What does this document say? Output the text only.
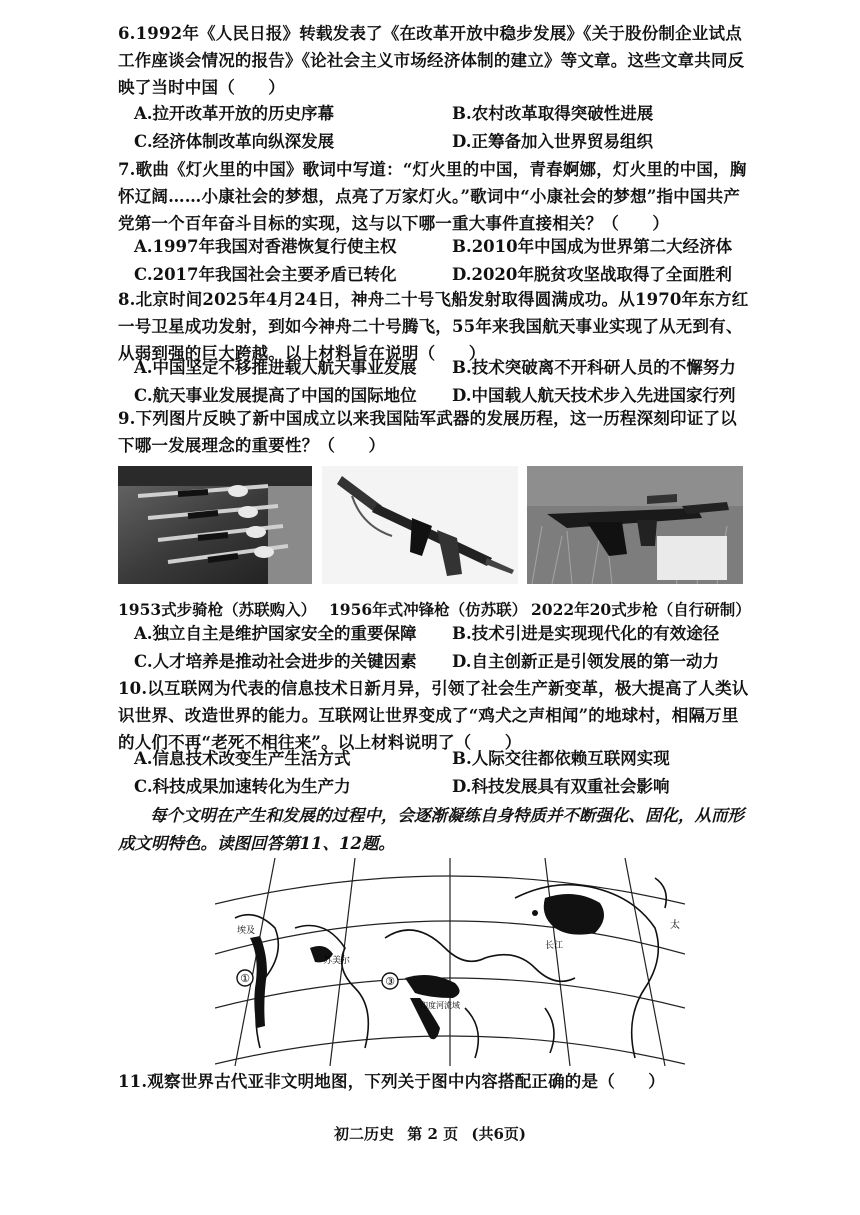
6.1992年《人民日报》转载发表了《在改革开放中稳步发展》《关于股份制企业试点工作座谈会情况的报告》《论社会主义市场经济体制的建立》等文章。这些文章共同反映了当时中国（　　）
A.拉开改革开放的历史序幕	B.农村改革取得突破性进展
C.经济体制改革向纵深发展	D.正筹备加入世界贸易组织
7.歌曲《灯火里的中国》歌词中写道：“灯火里的中国，青春婀娜，灯火里的中国，胸怀辽阔……小康社会的梦想，点亮了万家灯火。”歌词中“小康社会的梦想”指中国共产党第一个百年奋斗目标的实现，这与以下哪一重大事件直接相关？（　　）
A.1997年我国对香港恢复行使主权	B.2010年中国成为世界第二大经济体
C.2017年我国社会主要矛盾已转化	D.2020年脱贫攻坚战取得了全面胜利
8.北京时间2025年4月24日，神舟二十号飞船发射取得圆满成功。从1970年东方红一号卫星成功发射，到如今神舟二十号腾飞，55年来我国航天事业实现了从无到有、从弱到强的巨大跨越。以上材料旨在说明（　　）
A.中国坚定不移推进载人航天事业发展 B.技术突破离不开科研人员的不懈努力
C.航天事业发展提高了中国的国际地位 D.中国载人航天技术步入先进国家行列
9.下列图片反映了新中国成立以来我国陆军武器的发展历程，这一历程深刻印证了以下哪一发展理念的重要性？（　　）
1953式步骑枪（苏联购入） 1956年式冲锋枪（仿苏联） 2022年20式步枪（自行研制）
A.独立自主是维护国家安全的重要保障 B.技术引进是实现现代化的有效途径
C.人才培养是推动社会进步的关键因素 D.自主创新正是引领发展的第一动力
10.以互联网为代表的信息技术日新月异，引领了社会生产新变革，极大提高了人类认识世界、改造世界的能力。互联网让世界变成了“鸡犬之声相闻”的地球村，相隔万里的人们不再“老死不相往来”。以上材料说明了（　　）
A.信息技术改变生产生活方式	B.人际交往都依赖互联网实现
C.科技成果加速转化为生产力	D.科技发展具有双重社会影响
每个文明在产生和发展的过程中，会逐渐凝练自身特质并不断强化、固化，从而形成文明特色。读图回答第11、12题。
①	③
苏美尔
埃及
印度河流域
长江
太
11.观察世界古代亚非文明地图，下列关于图中内容搭配正确的是（　　）
初二历史 第 2 页 (共6页)
